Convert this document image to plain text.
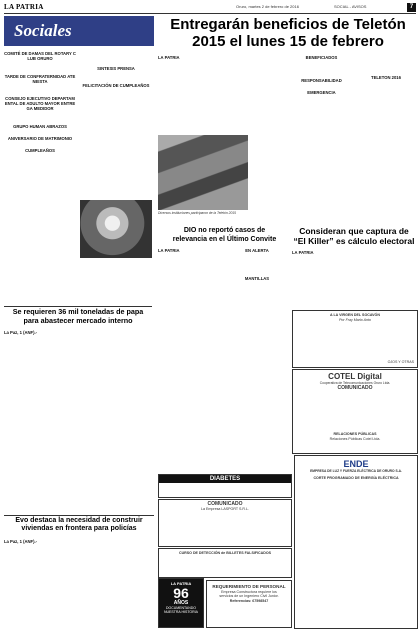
LA PATRIA	Oruro, martes 2 de febrero de 2016	SOCIAL - AVISOS	7
Sociales	Entregarán beneficios de Teletón
2015 el lunes 15 de febrero
COMITÉ DE DAMAS DEL ROTARY CLUB ORURO

TARDE DE CONFRATERNIDAD ATENEISTA

CONSEJO EJECUTIVO DEPARTAMENTAL DE ADULTO MAYOR ENTREGA MEDIDOR

GRUPO HUMAN ABRAZOS

ANIVERSARIO DE MATRIMONIO

CUMPLEAÑOS

SINTESIS PRENSA

FELICITACIÓN DE CUMPLEAÑOS
LA PATRIA
Diversos instituciones participaron de la Teletón 2015
BENEFICIADOS

RESPONSABILIDAD

EMERGENCIA

TELETON 2016
DIO no reportó casos de
relevancia en el Último Convite
LA PATRIA	EN ALERTA

MANTILLAS
Consideran que captura de
“El Killer” es cálculo electoral
LA PATRIA
A LA VIRGEN DEL SOCAVÓN
Por Fray Mario Anto
OJOS Y OTRAS
COTEL Digital
Cooperativa de Telecomunicaciones Oruro Ltda.
COMUNICADO
RELACIONES PÚBLICAS
Relaciones Públicas Cotel Ltda.
DIABETES
COMUNICADO
La Empresa LASPORT S.R.L.
CURSO DE DETECCIÓN de BILLETES FALSIFICADOS
Se requieren 36 mil toneladas de papa
para abastecer mercado interno
La Paz, 1 (ANF).-
Evo destaca la necesidad de construir
viviendas en frontera para policías
La Paz, 1 (ANF).-
REQUERIMIENTO DE PERSONAL
Empresa Constructora requiere los
servicios de un Ingeniero Civil Junior.
Referencias: 67598547
LA PATRIA
96
AÑOS
DOCUMENTANDO
NUESTRA HISTORIA
ENDE
EMPRESA DE LUZ Y FUERZA ELÉCTRICA DE ORURO S.A.
CORTE PROGRAMADO DE ENERGÍA ELÉCTRICA
